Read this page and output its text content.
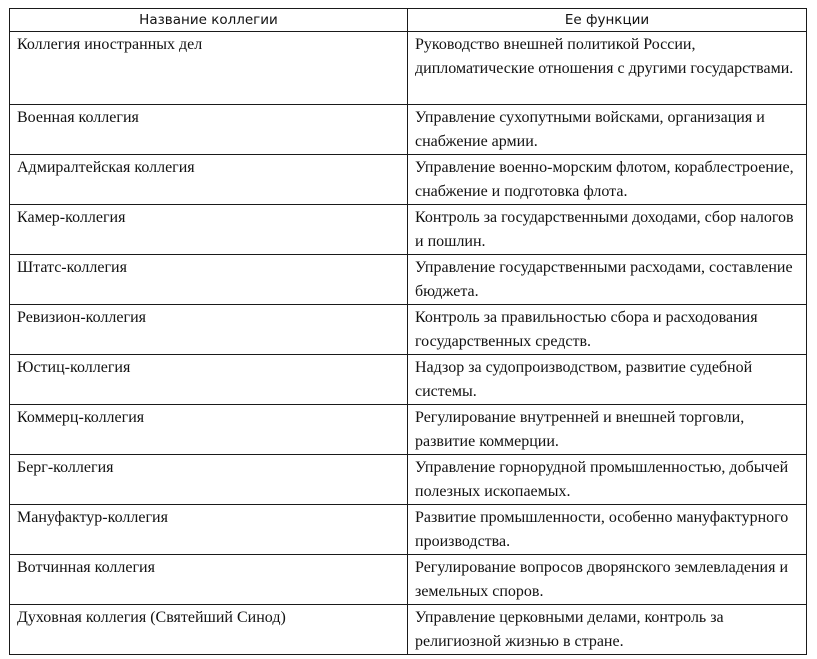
Название коллегии	Ее функции
Коллегия иностранных дел	Руководство внешней политикой России, дипломатические отношения с другими государствами.
Военная коллегия	Управление сухопутными войсками, организация и снабжение армии.
Адмиралтейская коллегия	Управление военно-морским флотом, кораблестроение, снабжение и подготовка флота.
Камер-коллегия	Контроль за государственными доходами, сбор налогов и пошлин.
Штатс-коллегия	Управление государственными расходами, составление бюджета.
Ревизион-коллегия	Контроль за правильностью сбора и расходования государственных средств.
Юстиц-коллегия	Надзор за судопроизводством, развитие судебной системы.
Коммерц-коллегия	Регулирование внутренней и внешней торговли, развитие коммерции.
Берг-коллегия	Управление горнорудной промышленностью, добычей полезных ископаемых.
Мануфактур-коллегия	Развитие промышленности, особенно мануфактурного производства.
Вотчинная коллегия	Регулирование вопросов дворянского землевладения и земельных споров.
Духовная коллегия (Святейший Синод)	Управление церковными делами, контроль за религиозной жизнью в стране.
